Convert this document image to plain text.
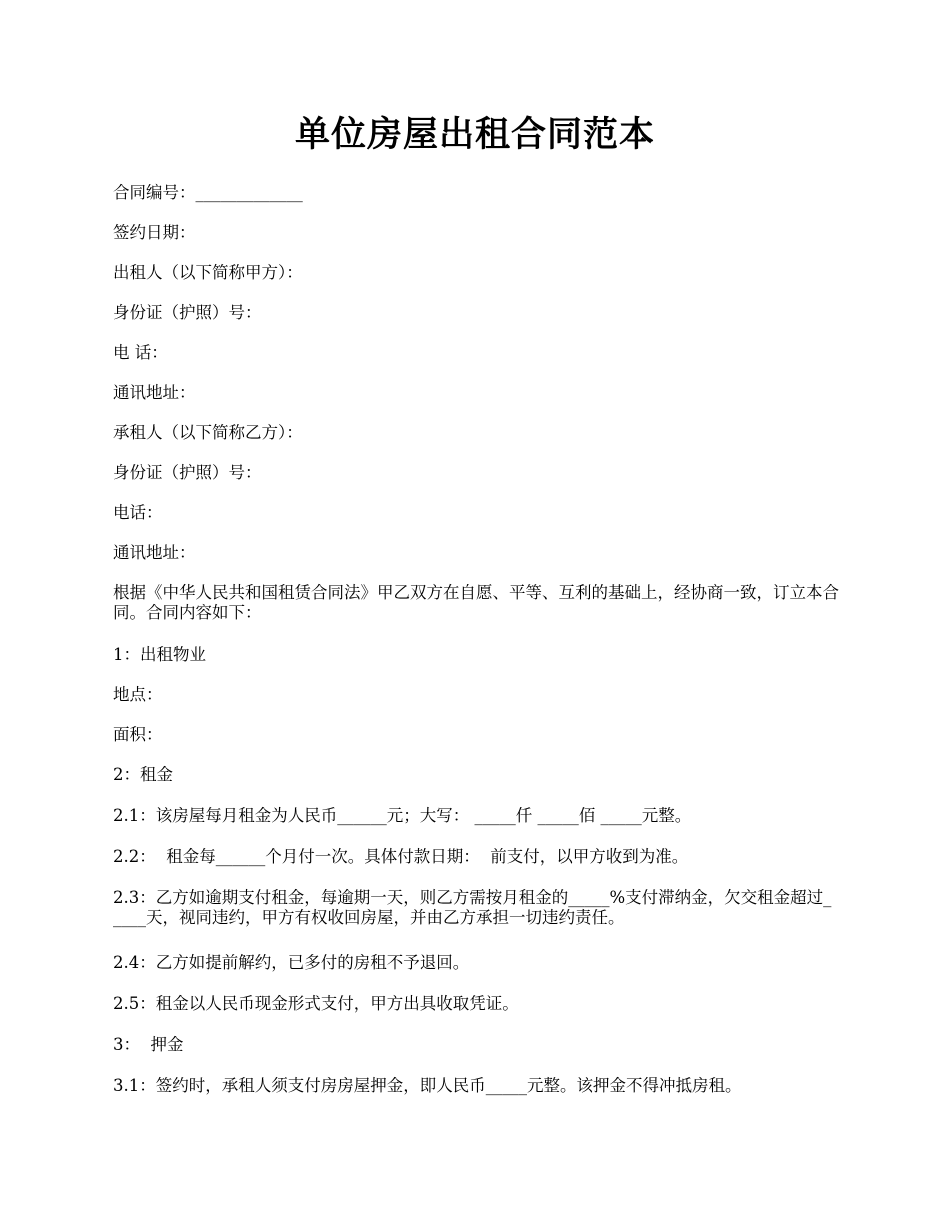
单位房屋出租合同范本
合同编号：_____________
签约日期：
出租人（以下简称甲方）：
身份证（护照）号：
电 话：
通讯地址：
承租人（以下简称乙方）：
身份证（护照）号：
电话：
通讯地址：
根据《中华人民共和国租赁合同法》甲乙双方在自愿、平等、互利的基础上，经协商一致，订立本合同。合同内容如下：
1：出租物业
地点：
面积：
2：租金
2.1：该房屋每月租金为人民币______元；大写： _____仟 _____佰 _____元整。
2.2：  租金每______个月付一次。具体付款日期：  前支付，以甲方收到为准。
2.3：乙方如逾期支付租金，每逾期一天，则乙方需按月租金的_____%支付滞纳金，欠交租金超过_____天，视同违约，甲方有权收回房屋，并由乙方承担一切违约责任。
2.4：乙方如提前解约，已多付的房租不予退回。
2.5：租金以人民币现金形式支付，甲方出具收取凭证。
3：  押金
3.1：签约时，承租人须支付房房屋押金，即人民币_____元整。该押金不得冲抵房租。
